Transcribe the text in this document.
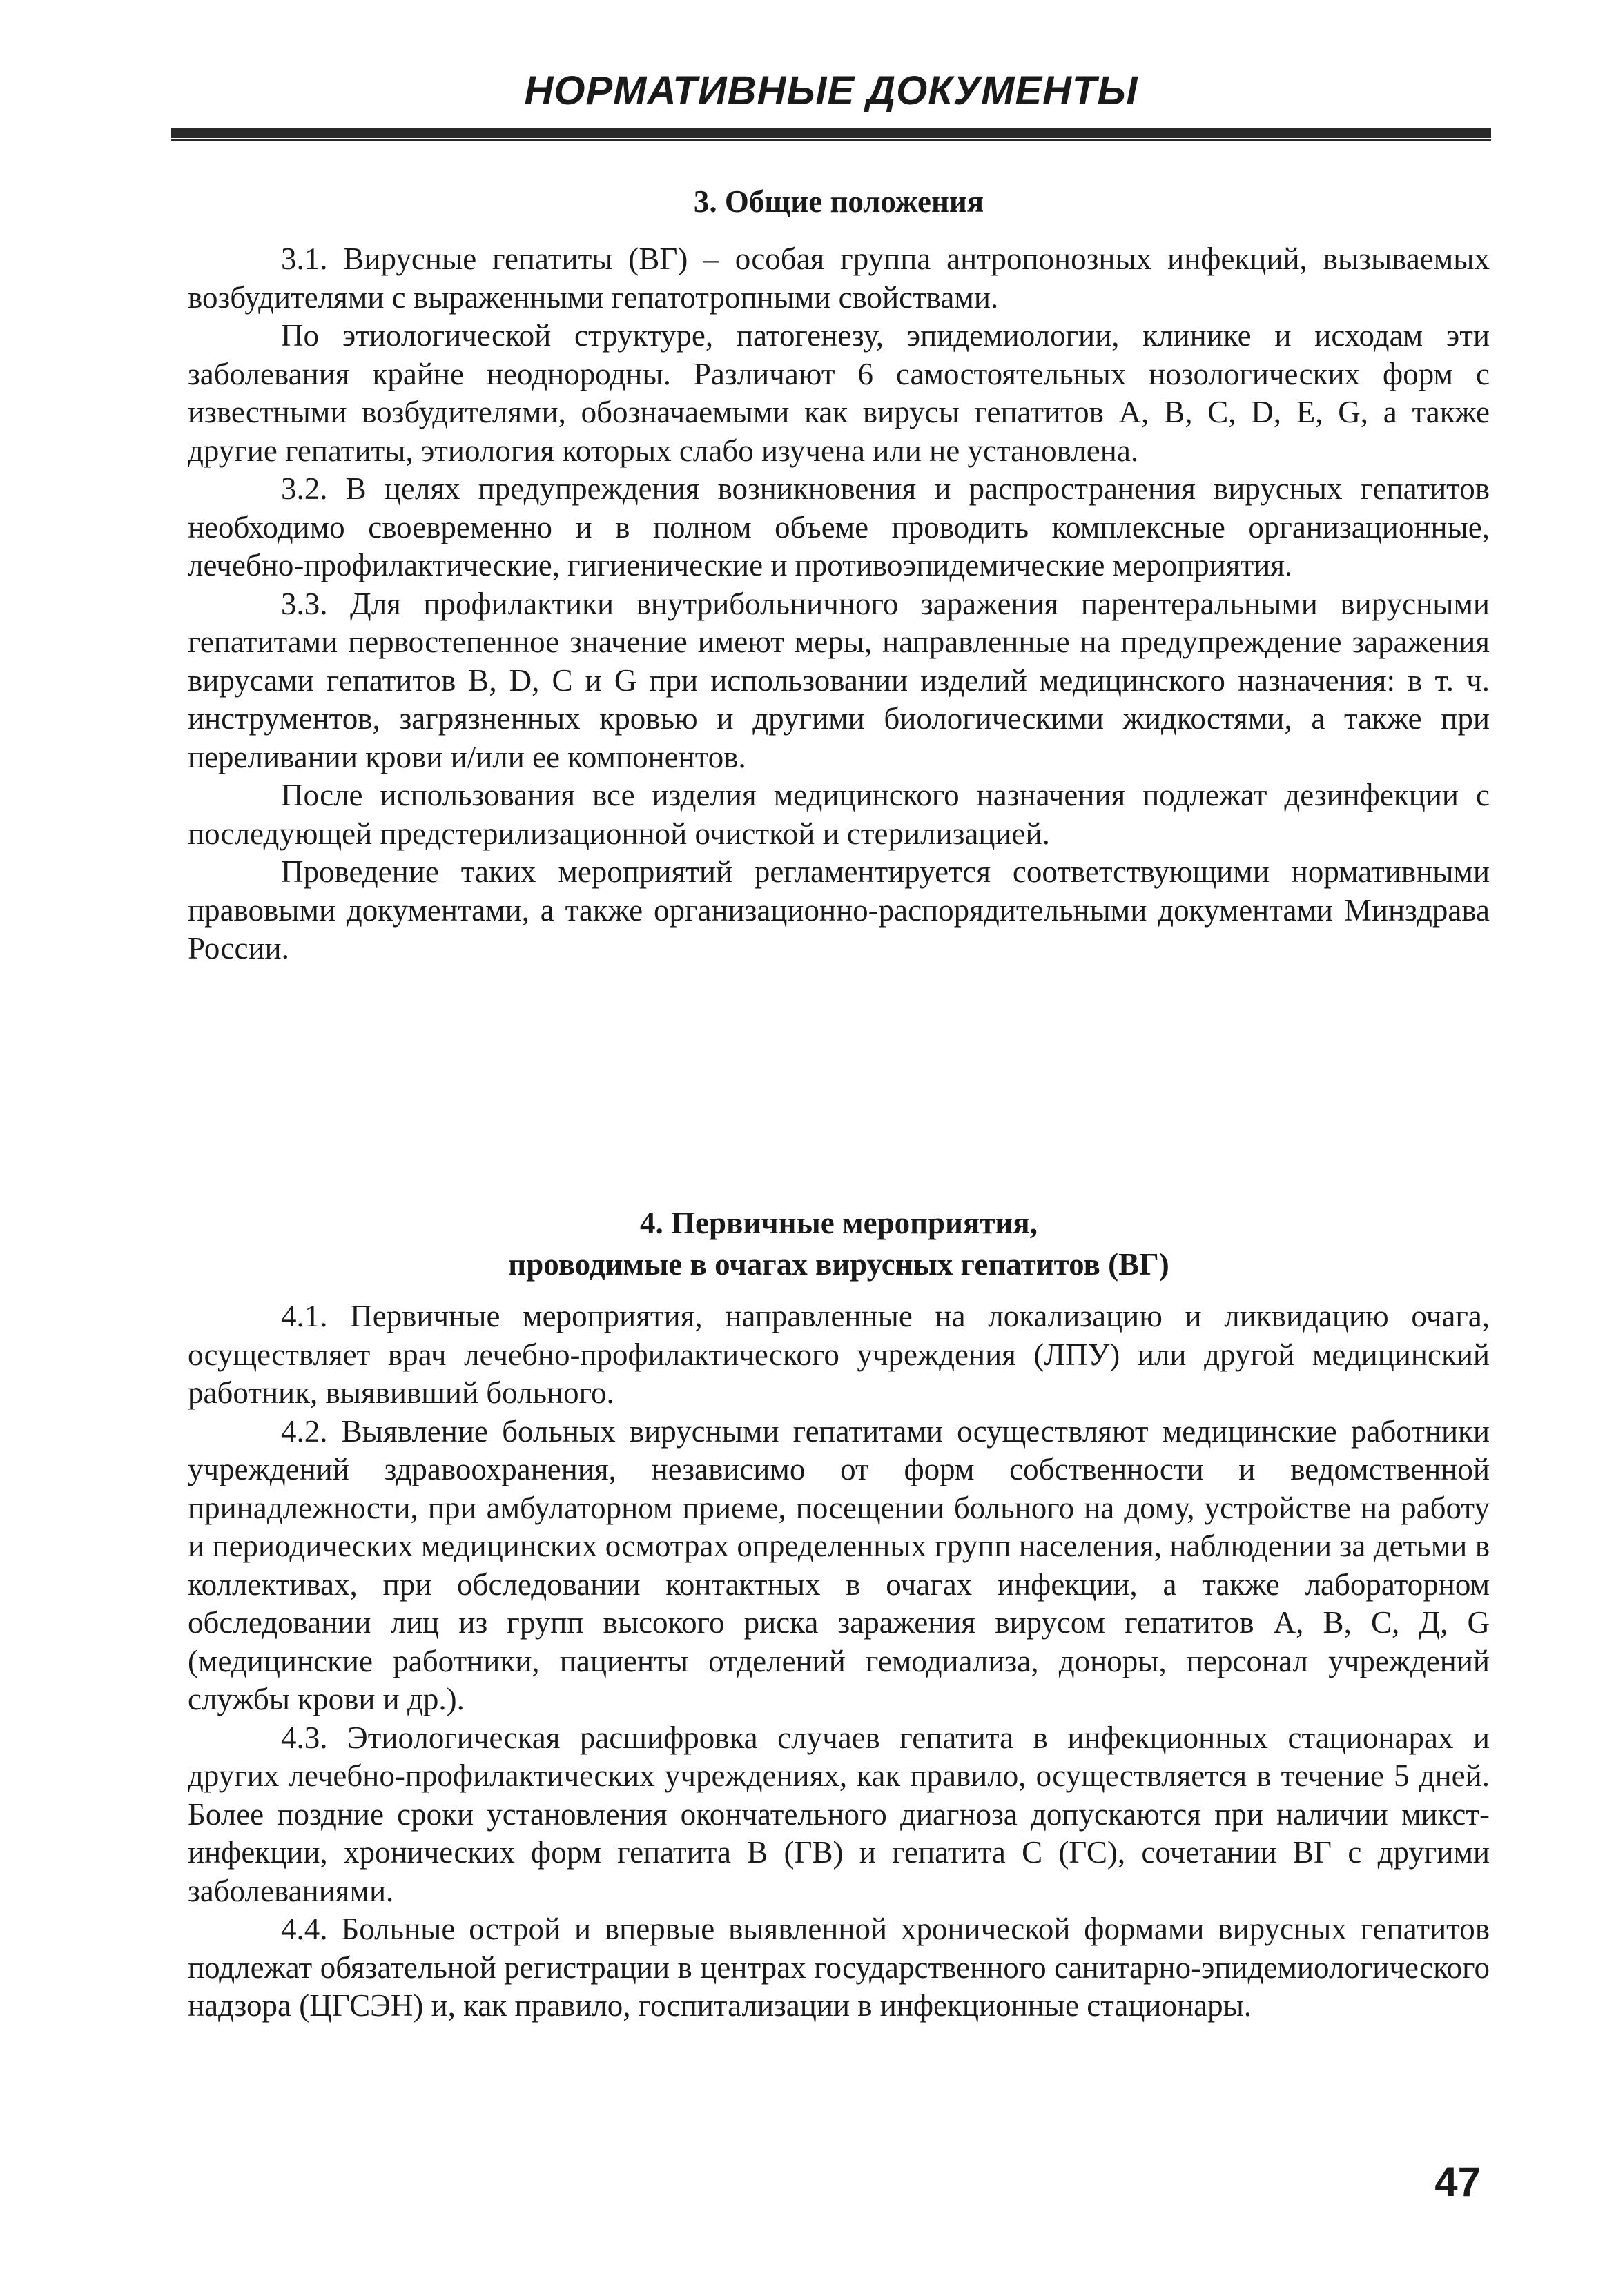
НОРМАТИВНЫЕ ДОКУМЕНТЫ

3. Общие положения

3.1. Вирусные гепатиты (ВГ) – особая группа антропонозных инфекций, вызываемых возбудителями с выраженными гепатотропными свойствами.

По этиологической структуре, патогенезу, эпидемиологии, клинике и исходам эти заболевания крайне неоднородны. Различают 6 самостоятельных нозологических форм с известными возбудителями, обозначаемыми как вирусы гепатитов А, В, С, D, Е, G, а также другие гепатиты, этиология которых слабо изучена или не установлена.

3.2. В целях предупреждения возникновения и распространения вирусных гепатитов необходимо своевременно и в полном объеме проводить комплексные организационные, лечебно-профилактические, гигиенические и противоэпидемические мероприятия.

3.3. Для профилактики внутрибольничного заражения парентеральными вирусными гепатитами первостепенное значение имеют меры, направленные на предупреждение заражения вирусами гепатитов В, D, С и G при использовании изделий медицинского назначения: в т. ч. инструментов, загрязненных кровью и другими биологическими жидкостями, а также при переливании крови и/или ее компонентов.

После использования все изделия медицинского назначения подлежат дезинфекции с последующей предстерилизационной очисткой и стерилизацией.

Проведение таких мероприятий регламентируется соответствующими нормативными правовыми документами, а также организационно-распорядительными документами Минздрава России.

4. Первичные мероприятия,

проводимые в очагах вирусных гепатитов (ВГ)

4.1. Первичные мероприятия, направленные на локализацию и ликвидацию очага, осуществляет врач лечебно-профилактического учреждения (ЛПУ) или другой медицинский работник, выявивший больного.

4.2. Выявление больных вирусными гепатитами осуществляют медицинские работники учреждений здравоохранения, независимо от форм собственности и ведомственной принадлежности, при амбулаторном приеме, посещении больного на дому, устройстве на работу и периодических медицинских осмотрах определенных групп населения, наблюдении за детьми в коллективах, при обследовании контактных в очагах инфекции, а также лабораторном обследовании лиц из групп высокого риска заражения вирусом гепатитов А, В, С, Д, G (медицинские работники, пациенты отделений гемодиализа, доноры, персонал учреждений службы крови и др.).

4.3. Этиологическая расшифровка случаев гепатита в инфекционных стационарах и других лечебно-профилактических учреждениях, как правило, осуществляется в течение 5 дней. Более поздние сроки установления окончательного диагноза допускаются при наличии микст-инфекции, хронических форм гепатита В (ГВ) и гепатита С (ГС), сочетании ВГ с другими заболеваниями.

4.4. Больные острой и впервые выявленной хронической формами вирусных гепатитов подлежат обязательной регистрации в центрах государственного санитарно-эпидемиологического надзора (ЦГСЭН) и, как правило, госпитализации в инфекционные стационары.

47
